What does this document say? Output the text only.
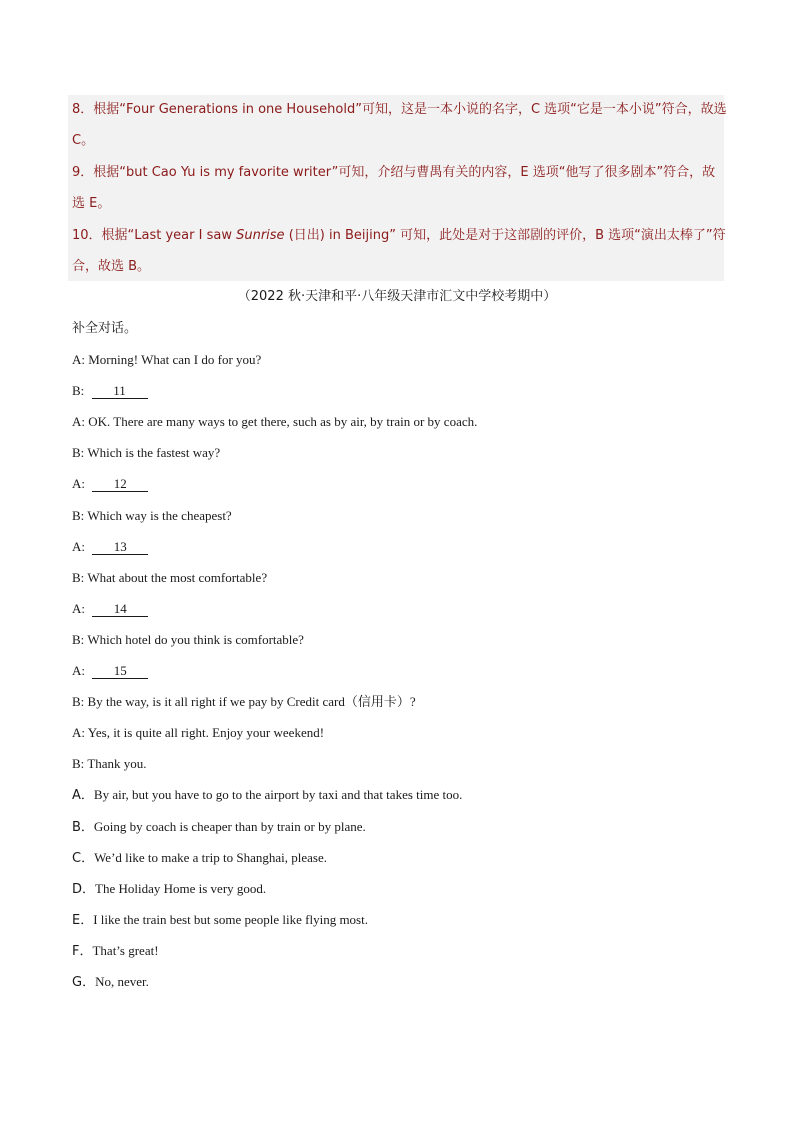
8．根据“Four Generations in one Household”可知，这是一本小说的名字，C 选项“它是一本小说”符合，故选
C。
9．根据“but Cao Yu is my favorite writer”可知，介绍与曹禺有关的内容，E 选项“他写了很多剧本”符合，故
选 E。
10．根据“Last year I saw Sunrise (日出) in Beijing” 可知，此处是对于这部剧的评价，B 选项“演出太棒了”符
合，故选 B。
（2022 秋·天津和平·八年级天津市汇文中学校考期中）
补全对话。
A: Morning! What can I do for you?
B: 11
A: OK. There are many ways to get there, such as by air, by train or by coach.
B: Which is the fastest way?
A: 12
B: Which way is the cheapest?
A: 13
B: What about the most comfortable?
A: 14
B: Which hotel do you think is comfortable?
A: 15
B: By the way, is it all right if we pay by Credit card（信用卡）?
A: Yes, it is quite all right. Enjoy your weekend!
B: Thank you.
A．By air, but you have to go to the airport by taxi and that takes time too.
B．Going by coach is cheaper than by train or by plane.
C．We’d like to make a trip to Shanghai, please.
D．The Holiday Home is very good.
E．I like the train best but some people like flying most.
F．That’s great!
G．No, never.
